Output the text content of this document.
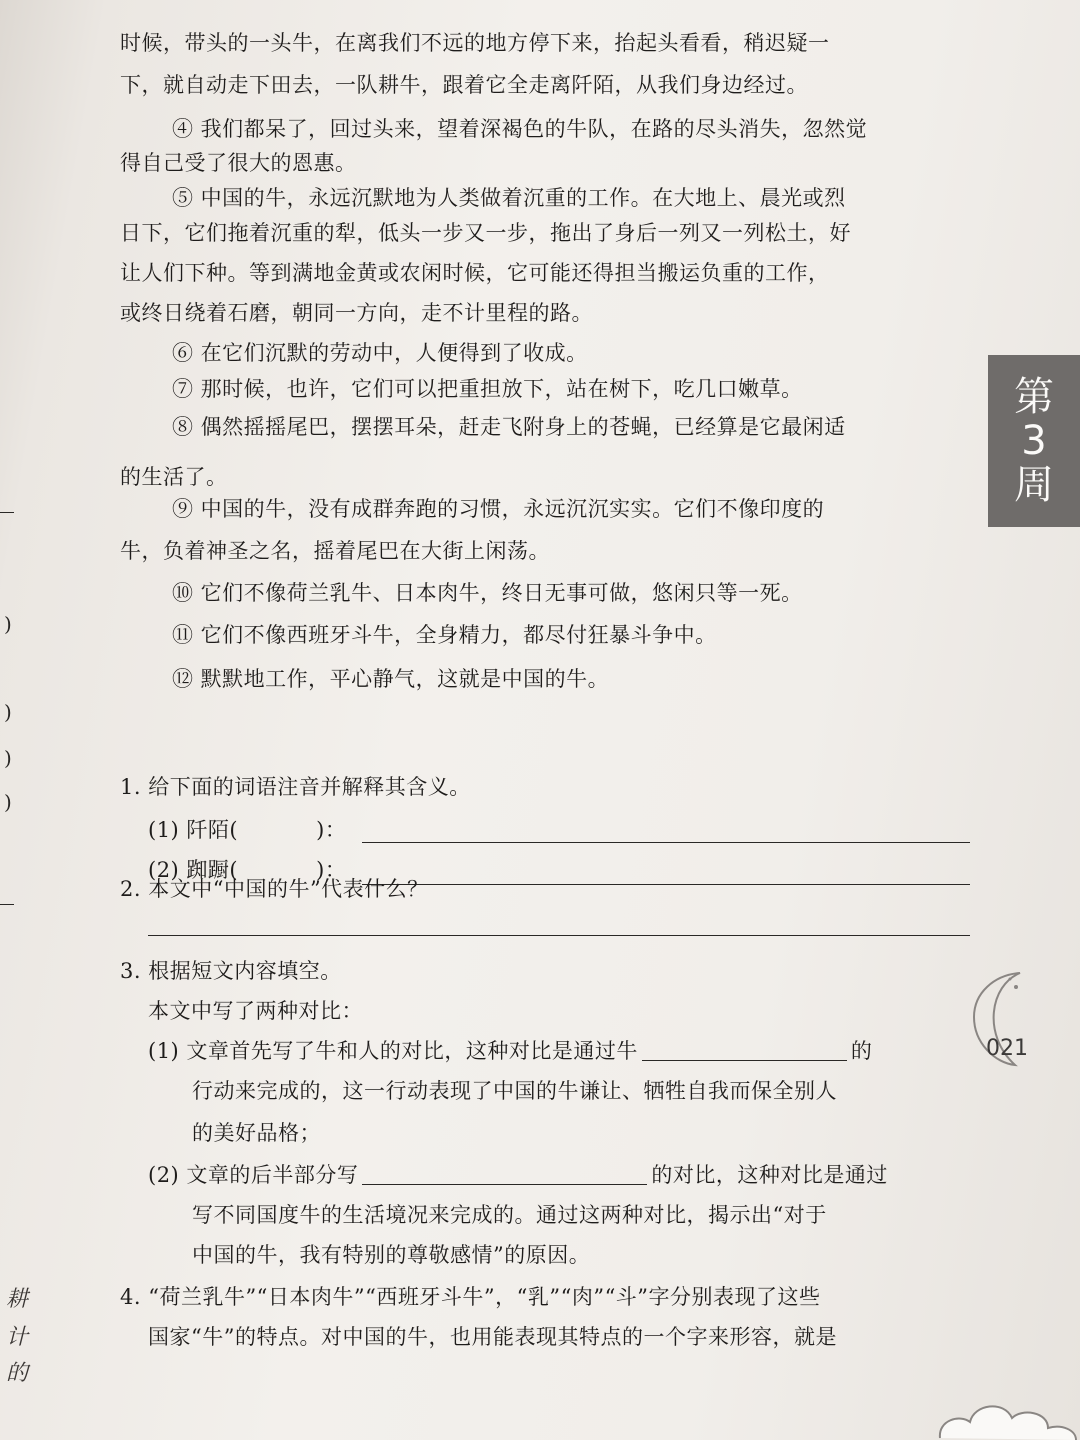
时候，带头的一头牛，在离我们不远的地方停下来，抬起头看看，稍迟疑一
下，就自动走下田去，一队耕牛，跟着它全走离阡陌，从我们身边经过。
④ 我们都呆了，回过头来，望着深褐色的牛队，在路的尽头消失，忽然觉
得自己受了很大的恩惠。
⑤ 中国的牛，永远沉默地为人类做着沉重的工作。在大地上、晨光或烈
日下，它们拖着沉重的犁，低头一步又一步，拖出了身后一列又一列松土，好
让人们下种。等到满地金黄或农闲时候，它可能还得担当搬运负重的工作，
或终日绕着石磨，朝同一方向，走不计里程的路。
⑥ 在它们沉默的劳动中，人便得到了收成。
⑦ 那时候，也许，它们可以把重担放下，站在树下，吃几口嫩草。
⑧ 偶然摇摇尾巴，摆摆耳朵，赶走飞附身上的苍蝇，已经算是它最闲适
的生活了。
⑨ 中国的牛，没有成群奔跑的习惯，永远沉沉实实。它们不像印度的
牛，负着神圣之名，摇着尾巴在大街上闲荡。
⑩ 它们不像荷兰乳牛、日本肉牛，终日无事可做，悠闲只等一死。
⑪ 它们不像西班牙斗牛，全身精力，都尽付狂暴斗争中。
⑫ 默默地工作，平心静气，这就是中国的牛。
1. 给下面的词语注音并解释其含义。
(1) 阡陌(	)：
(2) 踟蹰(	)：
2. 本文中“中国的牛”代表什么？
3. 根据短文内容填空。
本文中写了两种对比：
(1) 文章首先写了牛和人的对比，这种对比是通过牛	的
行动来完成的，这一行动表现了中国的牛谦让、牺牲自我而保全别人
的美好品格；
(2) 文章的后半部分写	的对比，这种对比是通过
写不同国度牛的生活境况来完成的。通过这两种对比，揭示出“对于
中国的牛，我有特别的尊敬感情”的原因。
4. “荷兰乳牛”“日本肉牛”“西班牙斗牛”，“乳”“肉”“斗”字分别表现了这些
国家“牛”的特点。对中国的牛，也用能表现其特点的一个字来形容，就是
第
3
周
)
)
)
)
耕
计
的
021
